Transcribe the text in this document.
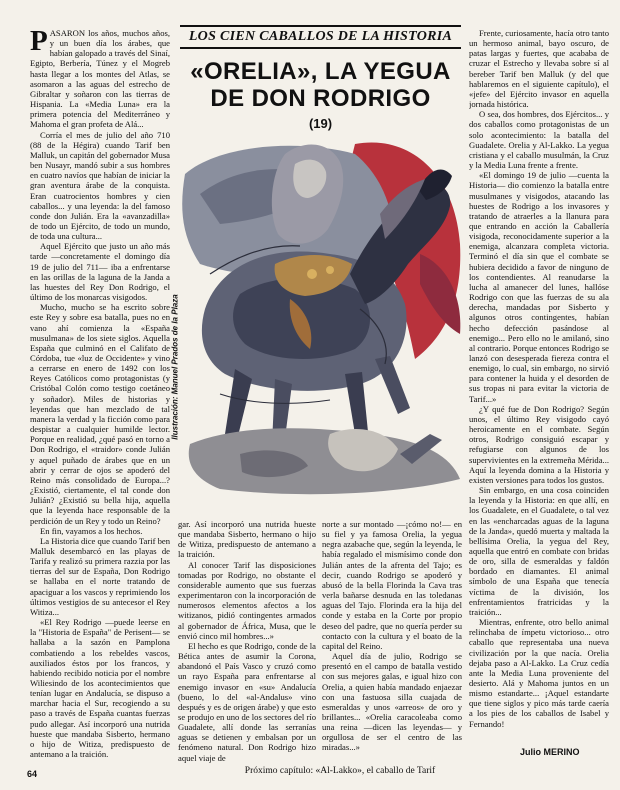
PASARON los años, muchos años, y un buen día los árabes, que habían galopado a través del Sinaí, Egipto, Berbería, Túnez y el Mogreb hasta llegar a los montes del Atlas, se asomaron a las aguas del estrecho de Gibraltar y soñaron con las tierras de Hispania. La «Media Luna» era la primera potencia del Mediterráneo y Mahoma el gran profeta de Alá...

Corría el mes de julio del año 710 (88 de la Hégira) cuando Tarif ben Malluk, un capitán del gobernador Musa ben Nusayr, mandó subir a sus hombres en cuatro navíos que habían de iniciar la gran aventura árabe de la conquista. Eran cuatrocientos hombres y cien caballos... y una leyenda: la del famoso conde don Julián. Era la «avanzadilla» de todo un Ejército, de todo un mundo, de toda una cultura...

Aquel Ejército que justo un año más tarde —concretamente el domingo día 19 de julio del 711— iba a enfrentarse en las orillas de la laguna de la Janda a las huestes del Rey Don Rodrigo, el último de los monarcas visigodos.

Mucho, mucho se ha escrito sobre este Rey y sobre esa batalla, pues no en vano ahí comienza la «España musulmana» de los siete siglos. Aquella España que culminó en el Califato de Córdoba, tue «luz de Occidente» y vino a cerrarse en enero de 1492 con los Reyes Católicos como protagonistas (y Cristóbal Colón como testigo coetáneo y soñador). Miles de historias y leyendas que han mezclado de tal manera la verdad y la ficción como para despistar a cualquier humilde lector. Porque en realidad, ¿qué pasó en torno a Don Rodrigo, el «traidor» conde Julián y aquel puñado de árabes que en un abrir y cerrar de ojos se apoderó del Reino más consolidado de Europa...? ¿Existió, ciertamente, el tal conde don Julián? ¿Existió su bella hija, aquella que la leyenda hace responsable de la perdición de un Rey y todo un Reino?

En fin, vayamos a los hechos.

La Historia dice que cuando Tarif ben Malluk desembarcó en las playas de Tarifa y realizó su primera razzia por las tierras del sur de España, Don Rodrigo se hallaba en el norte tratando de apaciguar a los vascos y reprimiendo los últimos vestigios de su antecesor el Rey Witiza...

«El Rey Rodrigo —puede leerse en la "Historia de España" de Perisent— se hallaba a la sazón en Pamplona combatiendo a los rebeldes vascos, auxiliados éstos por los francos, y habiendo recibido noticia por el nombre Wiliesindo de los acontecimientos que tenían lugar en Andalucía, se dispuso a marchar hacia el Sur, recogiendo a su paso a través de España cuantas fuerzas pudo allegar. Así incorporó una nutrida hueste que mandaba Sisberto, hermano o hijo de Witiza, predispuesto de antemano a la traición.

LOS CIEN CABALLOS DE LA HISTORIA
«ORELIA», LA YEGUA
DE DON RODRIGO
(19)
Ilustración: Manuel Prados de la Plaza

gar. Así incorporó una nutrida hueste que mandaba Sisberto, hermano o hijo de Witiza, predispuesto de antemano a la traición.

Al conocer Tarif las disposiciones tomadas por Rodrigo, no obstante el considerable aumento que sus fuerzas experimentaron con la incorporación de numerosos elementos afectos a los witizanos, pidió contingentes armados al gobernador de África, Musa, que le envió cinco mil hombres...»

El hecho es que Rodrigo, conde de la Bética antes de asumir la Corona, abandonó el País Vasco y cruzó como un rayo España para enfrentarse al enemigo invasor en «su» Andalucía (bueno, lo del «al-Andalus» vino después y es de origen árabe) y que esto se produjo en uno de los sectores del río Guadalete, allí donde las serranías aguas se detienen y embalsan por un fenómeno natural. Don Rodrigo hizo aquel viaje de

norte a sur montado —¡cómo no!— en su fiel y ya famosa Orelia, la yegua negra azabache que, según la leyenda, le había regalado el mismísimo conde don Julián antes de la afrenta del Tajo; es decir, cuando Rodrigo se apoderó y abusó de la bella Florinda la Cava tras verla bañarse desnuda en las toledanas aguas del Tajo. Florinda era la hija del conde y estaba en la Corte por propio deseo del padre, que no quería perder su contacto con la cultura y el boato de la capital del Reino.

Aquel día de julio, Rodrigo se presentó en el campo de batalla vestido con sus mejores galas, e igual hizo con Orelia, a quien había mandado enjaezar con una fastuosa silla cuajada de esmeraldas y unos «arreos» de oro y brillantes... «Orelia caracoleaba como una reina —dicen las leyendas— y orgullosa de ser el centro de las miradas...»

Frente, curiosamente, hacía otro tanto un hermoso animal, bayo oscuro, de patas largas y fuertes, que acababa de cruzar el Estrecho y llevaba sobre sí al bereber Tarif ben Malluk (y del que hablaremos en el siguiente capítulo), el «jefe» del Ejército invasor en aquella jornada histórica.

O sea, dos hombres, dos Ejércitos... y dos caballos como protagonistas de un solo acontecimiento: la batalla del Guadalete. Orelia y Al-Lakko. La yegua cristiana y el caballo musulmán, la Cruz y la Media Luna frente a frente.

«El domingo 19 de julio —cuenta la Historia— dio comienzo la batalla entre musulmanes y visigodos, atacando las huestes de Rodrigo a los invasores y tratando de atraerles a la llanura para que entrando en acción la Caballería visigoda, reconocidamente superior a la enemiga, alcanzara completa victoria. Terminó el día sin que el combate se hubiera decidido a favor de ninguno de los contendientes. Al reanudarse la lucha al amanecer del lunes, hallóse Rodrigo con que las fuerzas de su ala derecha, mandadas por Sisberto y algunos otros contingentes, habían hecho defección pasándose al enemigo... Pero ello no le amilanó, sino al contrario. Porque entonces Rodrigo se lanzó con desesperada fiereza contra el enemigo, lo cual, sin embargo, no sirvió para contener la huida y el desorden de sus tropas ni para evitar la victoria de Tarif...»

¿Y qué fue de Don Rodrigo? Según unos, el último Rey visigodo cayó heroicamente en el combate. Según otros, Rodrigo consiguió escapar y refugiarse con algunos de los supervivientes en la extremeña Mérida... Aquí la leyenda domina a la Historia y existen versiones para todos los gustos.

Sin embargo, en una cosa coinciden la leyenda y la Historia: en que allí, en los Guadalete, en el Guadalete, o tal vez en las «encharcadas aguas de la laguna de la Janda», quedó muerta y maltada la bellísima Orelia, la yegua del Rey, aquella que entró en combate con bridas de oro, silla de esmeraldas y faldón bordado en diamantes. El animal símbolo de una España que tenecía víctima de la división, los enfrentamientos fratricidas y la traición...

Mientras, enfrente, otro bello animal relinchaba de ímpetu victorioso... otro caballo que representaba una nueva civilización por la que nacía. Orelia dejaba paso a Al-Lakko. La Cruz cedía ante la Media Luna proveniente del desierto. Alá y Mahoma juntos en un mismo estandarte... ¡Aquel estandarte que tiene siglos y pico más tarde caería a los pies de los caballos de Isabel y Fernando!

Julio MERINO
64	Próximo capítulo: «Al-Lakko», el caballo de Tarif
